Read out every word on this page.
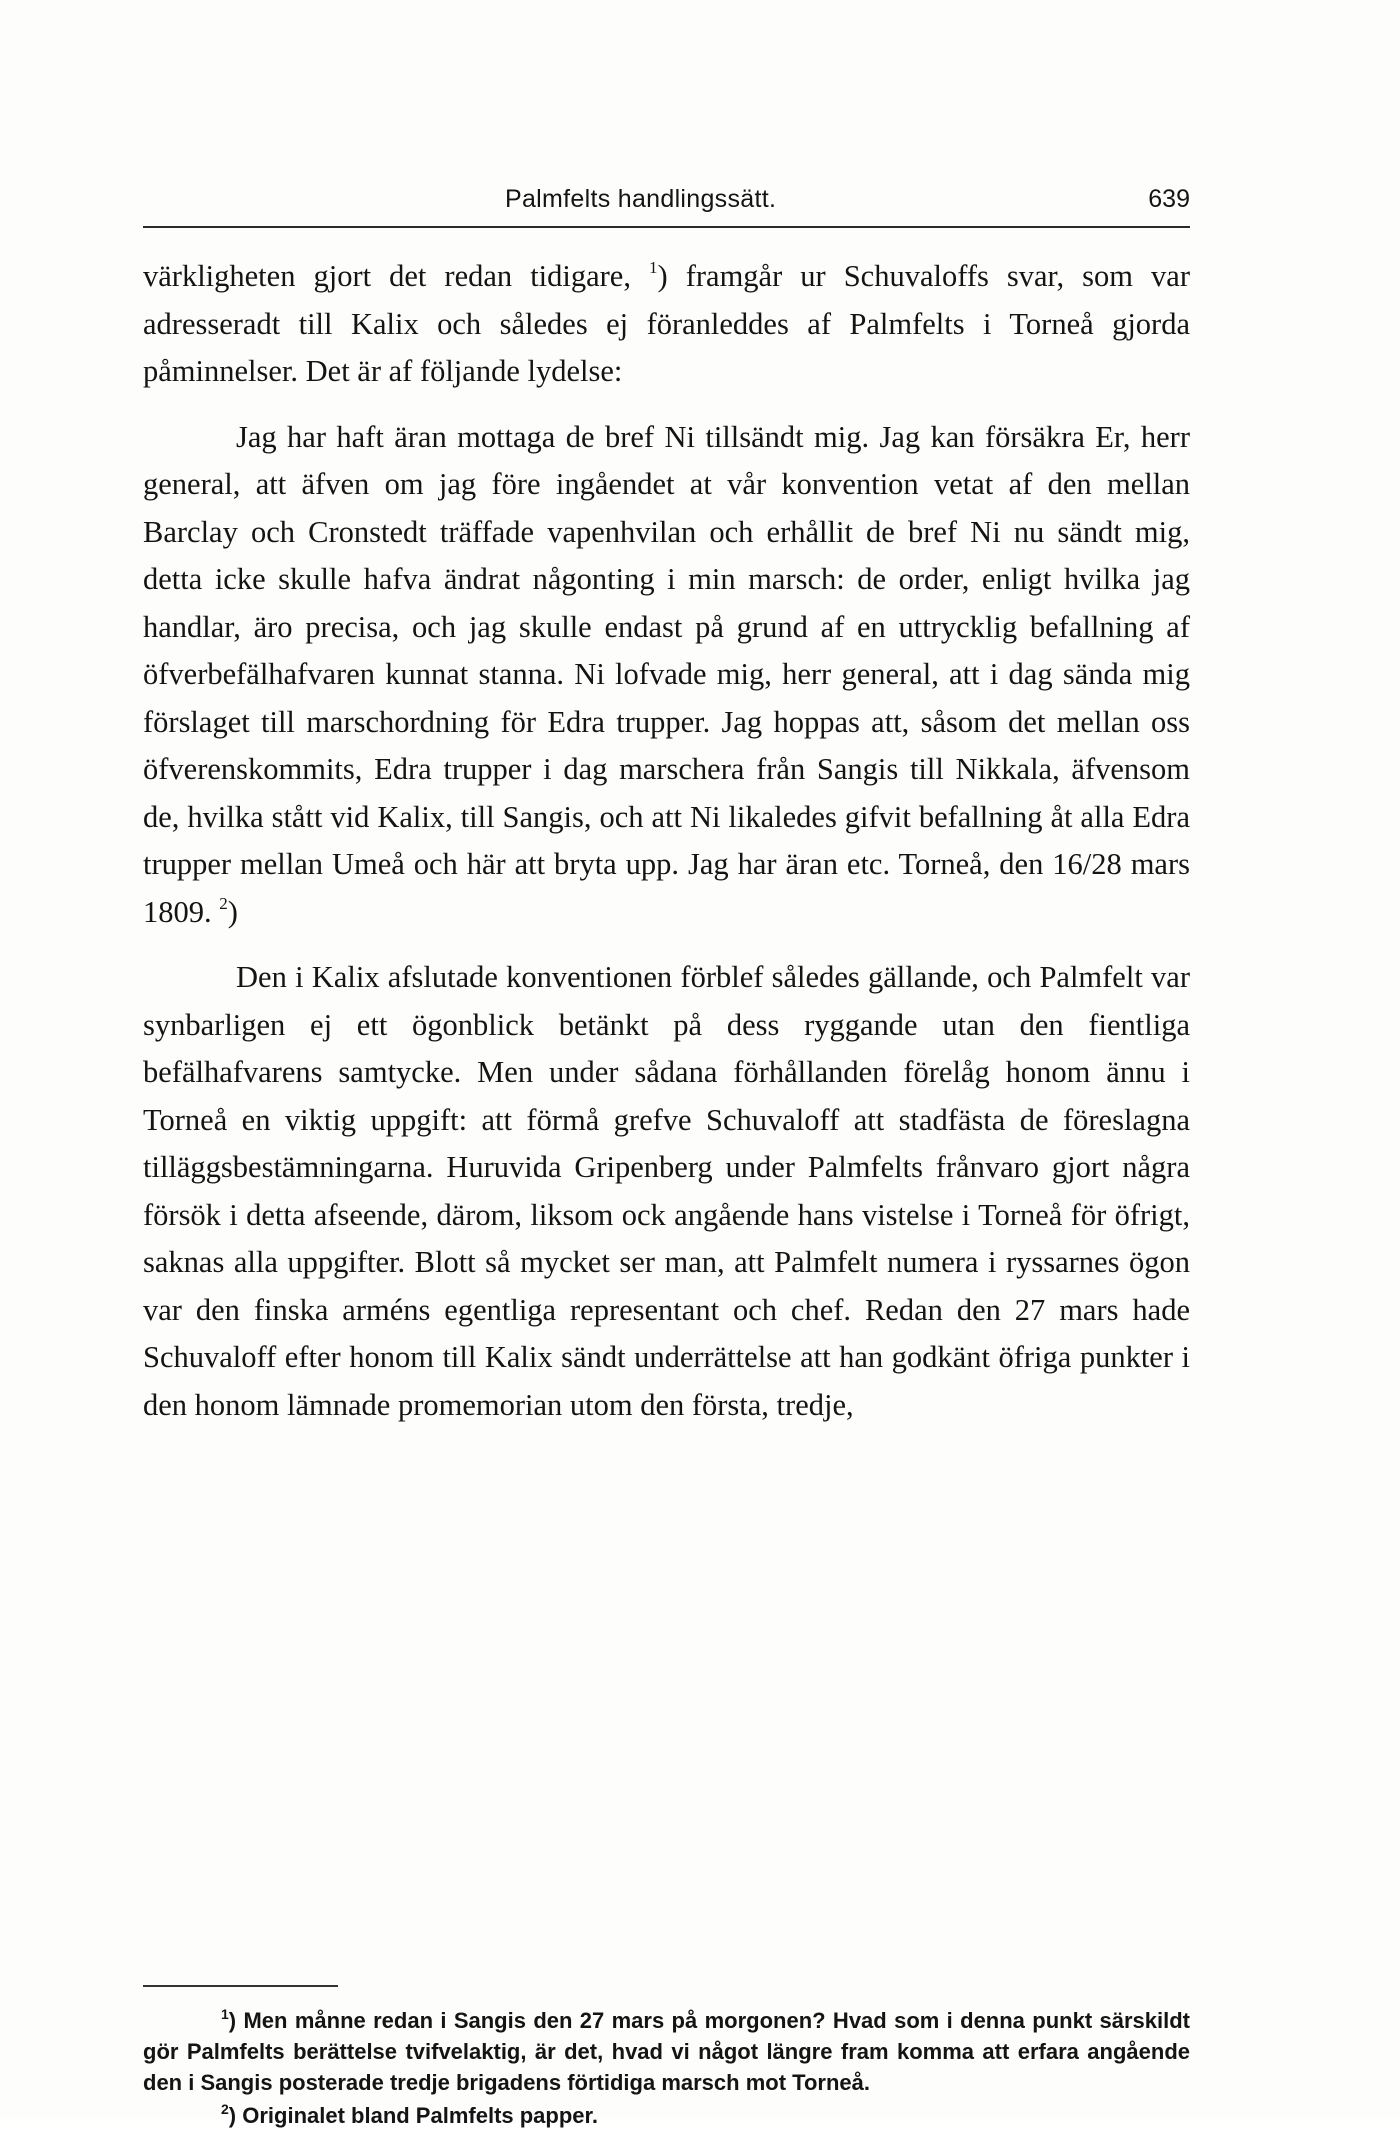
Palmfelts handlingssätt.	639

värkligheten gjort det redan tidigare, $^1$) framgår ur Schuvaloffs svar, som var adresseradt till Kalix och således ej föranleddes af Palmfelts i Torneå gjorda påminnelser. Det är af följande lydelse:

Jag har haft äran mottaga de bref Ni tillsändt mig. Jag kan försäkra Er, herr general, att äfven om jag före ingåendet at vår konvention vetat af den mellan Barclay och Cronstedt träffade vapenhvilan och erhållit de bref Ni nu sändt mig, detta icke skulle hafva ändrat någonting i min marsch: de order, enligt hvilka jag handlar, äro precisa, och jag skulle endast på grund af en uttrycklig befallning af öfverbefälhafvaren kunnat stanna. Ni lofvade mig, herr general, att i dag sända mig förslaget till marschordning för Edra trupper. Jag hoppas att, såsom det mellan oss öfverenskommits, Edra trupper i dag marschera från Sangis till Nikkala, äfvensom de, hvilka stått vid Kalix, till Sangis, och att Ni likaledes gifvit befallning åt alla Edra trupper mellan Umeå och här att bryta upp. Jag har äran etc. Torneå, den 16/28 mars 1809. $^2$)

Den i Kalix afslutade konventionen förblef således gällande, och Palmfelt var synbarligen ej ett ögonblick betänkt på dess ryggande utan den fientliga befälhafvarens samtycke. Men under sådana förhållanden förelåg honom ännu i Torneå en viktig uppgift: att förmå grefve Schuvaloff att stadfästa de föreslagna tilläggsbestämningarna. Huruvida Gripenberg under Palmfelts frånvaro gjort några försök i detta afseende, därom, liksom ock angående hans vistelse i Torneå för öfrigt, saknas alla uppgifter. Blott så mycket ser man, att Palmfelt numera i ryssarnes ögon var den finska arméns egentliga representant och chef. Redan den 27 mars hade Schuvaloff efter honom till Kalix sändt underrättelse att han godkänt öfriga punkter i den honom lämnade promemorian utom den första, tredje,

$^1$) Men månne redan i Sangis den 27 mars på morgonen? Hvad som i denna punkt särskildt gör Palmfelts berättelse tvifvelaktig, är det, hvad vi något längre fram komma att erfara angående den i Sangis posterade tredje brigadens förtidiga marsch mot Torneå.

$^2$) Originalet bland Palmfelts papper.
